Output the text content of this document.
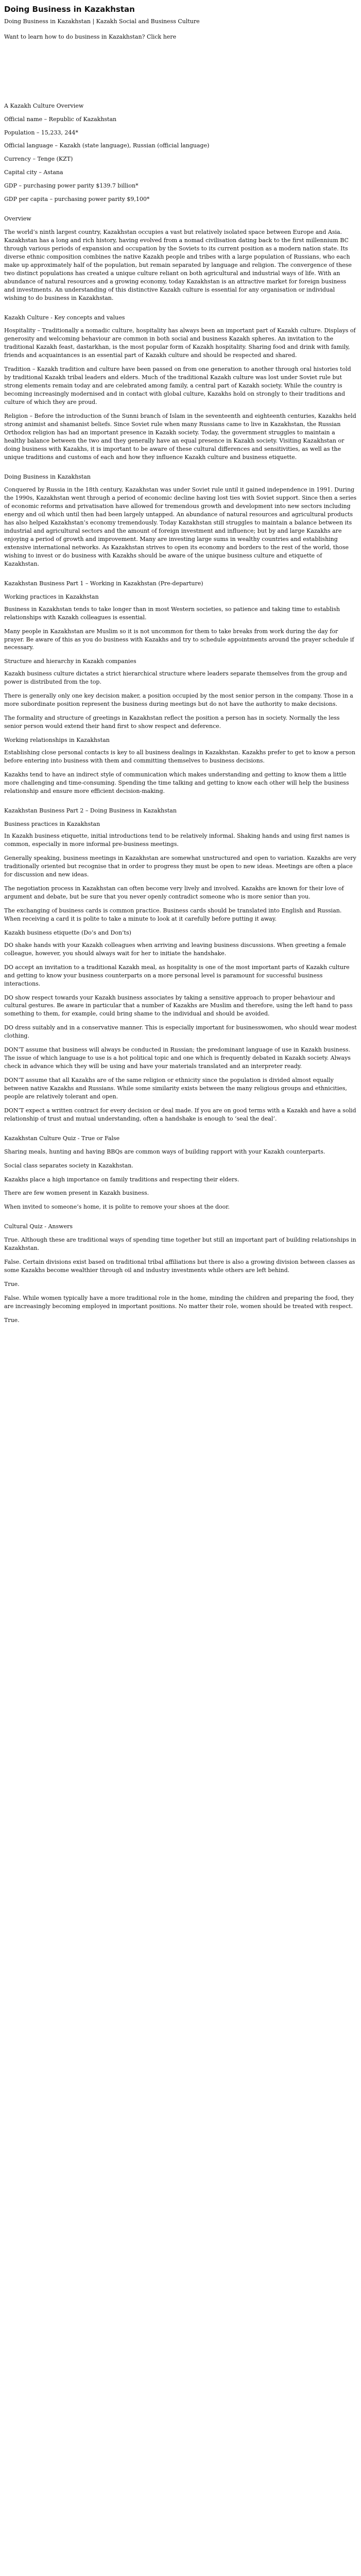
Doing Business in Kazakhstan
Doing Business in Kazakhstan | Kazakh Social and Business Culture
Want to learn how to do business in Kazakhstan? Click here
A Kazakh Culture Overview

Official name – Republic of Kazakhstan

Population – 15,233, 244*

Official language – Kazakh (state language), Russian (official language)

Currency – Tenge (KZT)

Capital city – Astana

GDP – purchasing power parity $139.7 billion*

GDP per capita – purchasing power parity $9,100*

Overview

The world’s ninth largest country, Kazakhstan occupies a vast but relatively isolated space between Europe and Asia. Kazakhstan has a long and rich history, having evolved from a nomad civilisation dating back to the first millennium BC through various periods of expansion and occupation by the Soviets to its current position as a modern nation state. Its diverse ethnic composition combines the native Kazakh people and tribes with a large population of Russians, who each make up approximately half of the population, but remain separated by language and religion. The convergence of these two distinct populations has created a unique culture reliant on both agricultural and industrial ways of life. With an abundance of natural resources and a growing economy, today Kazakhstan is an attractive market for foreign business and investments. An understanding of this distinctive Kazakh culture is essential for any organisation or individual wishing to do business in Kazakhstan.

Kazakh Culture - Key concepts and values

Hospitality – Traditionally a nomadic culture, hospitality has always been an important part of Kazakh culture. Displays of generosity and welcoming behaviour are common in both social and business Kazakh spheres. An invitation to the traditional Kazakh feast, dastarkhan, is the most popular form of Kazakh hospitality. Sharing food and drink with family, friends and acquaintances is an essential part of Kazakh culture and should be respected and shared.

Tradition – Kazakh tradition and culture have been passed on from one generation to another through oral histories told by traditional Kazakh tribal leaders and elders. Much of the traditional Kazakh culture was lost under Soviet rule but strong elements remain today and are celebrated among family, a central part of Kazakh society. While the country is becoming increasingly modernised and in contact with global culture, Kazakhs hold on strongly to their traditions and culture of which they are proud.

Religion – Before the introduction of the Sunni branch of Islam in the seventeenth and eighteenth centuries, Kazakhs held strong animist and shamanist beliefs. Since Soviet rule when many Russians came to live in Kazakhstan, the Russian Orthodox religion has had an important presence in Kazakh society. Today, the government struggles to maintain a healthy balance between the two and they generally have an equal presence in Kazakh society. Visiting Kazakhstan or doing business with Kazakhs, it is important to be aware of these cultural differences and sensitivities, as well as the unique traditions and customs of each and how they influence Kazakh culture and business etiquette.

Doing Business in Kazakhstan

Conquered by Russia in the 18th century, Kazakhstan was under Soviet rule until it gained independence in 1991. During the 1990s, Kazakhstan went through a period of economic decline having lost ties with Soviet support. Since then a series of economic reforms and privatisation have allowed for tremendous growth and development into new sectors including energy and oil which until then had been largely untapped. An abundance of natural resources and agricultural products has also helped Kazakhstan’s economy tremendously. Today Kazakhstan still struggles to maintain a balance between its industrial and agricultural sectors and the amount of foreign investment and influence; but by and large Kazakhs are enjoying a period of growth and improvement. Many are investing large sums in wealthy countries and establishing extensive international networks. As Kazakhstan strives to open its economy and borders to the rest of the world, those wishing to invest or do business with Kazakhs should be aware of the unique business culture and etiquette of Kazakhstan.

Kazakhstan Business Part 1 – Working in Kazakhstan (Pre-departure)
Working practices in Kazakhstan

Business in Kazakhstan tends to take longer than in most Western societies, so patience and taking time to establish relationships with Kazakh colleagues is essential.

Many people in Kazakhstan are Muslim so it is not uncommon for them to take breaks from work during the day for prayer. Be aware of this as you do business with Kazakhs and try to schedule appointments around the prayer schedule if necessary.

Structure and hierarchy in Kazakh companies

Kazakh business culture dictates a strict hierarchical structure where leaders separate themselves from the group and power is distributed from the top.

There is generally only one key decision maker, a position occupied by the most senior person in the company. Those in a more subordinate position represent the business during meetings but do not have the authority to make decisions.

The formality and structure of greetings in Kazakhstan reflect the position a person has in society. Normally the less senior person would extend their hand first to show respect and deference.

Working relationships in Kazakhstan

Establishing close personal contacts is key to all business dealings in Kazakhstan. Kazakhs prefer to get to know a person before entering into business with them and committing themselves to business decisions.

Kazakhs tend to have an indirect style of communication which makes understanding and getting to know them a little more challenging and time-consuming. Spending the time talking and getting to know each other will help the business relationship and ensure more efficient decision-making.

Kazakhstan Business Part 2 – Doing Business in Kazakhstan
Business practices in Kazakhstan

In Kazakh business etiquette, initial introductions tend to be relatively informal. Shaking hands and using first names is common, especially in more informal pre-business meetings.

Generally speaking, business meetings in Kazakhstan are somewhat unstructured and open to variation. Kazakhs are very traditionally oriented but recognise that in order to progress they must be open to new ideas. Meetings are often a place for discussion and new ideas.

The negotiation process in Kazakhstan can often become very lively and involved. Kazakhs are known for their love of argument and debate, but be sure that you never openly contradict someone who is more senior than you.

The exchanging of business cards is common practice. Business cards should be translated into English and Russian. When receiving a card it is polite to take a minute to look at it carefully before putting it away.

Kazakh business etiquette (Do’s and Don’ts)

DO shake hands with your Kazakh colleagues when arriving and leaving business discussions. When greeting a female colleague, however, you should always wait for her to initiate the handshake.

DO accept an invitation to a traditional Kazakh meal, as hospitality is one of the most important parts of Kazakh culture and getting to know your business counterparts on a more personal level is paramount for successful business interactions.

DO show respect towards your Kazakh business associates by taking a sensitive approach to proper behaviour and cultural gestures. Be aware in particular that a number of Kazakhs are Muslim and therefore, using the left hand to pass something to them, for example, could bring shame to the individual and should be avoided.

DO dress suitably and in a conservative manner. This is especially important for businesswomen, who should wear modest clothing.

DON’T assume that business will always be conducted in Russian; the predominant language of use in Kazakh business. The issue of which language to use is a hot political topic and one which is frequently debated in Kazakh society. Always check in advance which they will be using and have your materials translated and an interpreter ready.

DON’T assume that all Kazakhs are of the same religion or ethnicity since the population is divided almost equally between native Kazakhs and Russians. While some similarity exists between the many religious groups and ethnicities, people are relatively tolerant and open.

DON’T expect a written contract for every decision or deal made. If you are on good terms with a Kazakh and have a solid relationship of trust and mutual understanding, often a handshake is enough to ‘seal the deal’.

Kazakhstan Culture Quiz - True or False

Sharing meals, hunting and having BBQs are common ways of building rapport with your Kazakh counterparts.

Social class separates society in Kazakhstan.

Kazakhs place a high importance on family traditions and respecting their elders.

There are few women present in Kazakh business.

When invited to someone’s home, it is polite to remove your shoes at the door.

Cultural Quiz - Answers

True. Although these are traditional ways of spending time together but still an important part of building relationships in Kazakhstan.

False. Certain divisions exist based on traditional tribal affiliations but there is also a growing division between classes as some Kazakhs become wealthier through oil and industry investments while others are left behind.

True.

False. While women typically have a more traditional role in the home, minding the children and preparing the food, they are increasingly becoming employed in important positions. No matter their role, women should be treated with respect.

True.
